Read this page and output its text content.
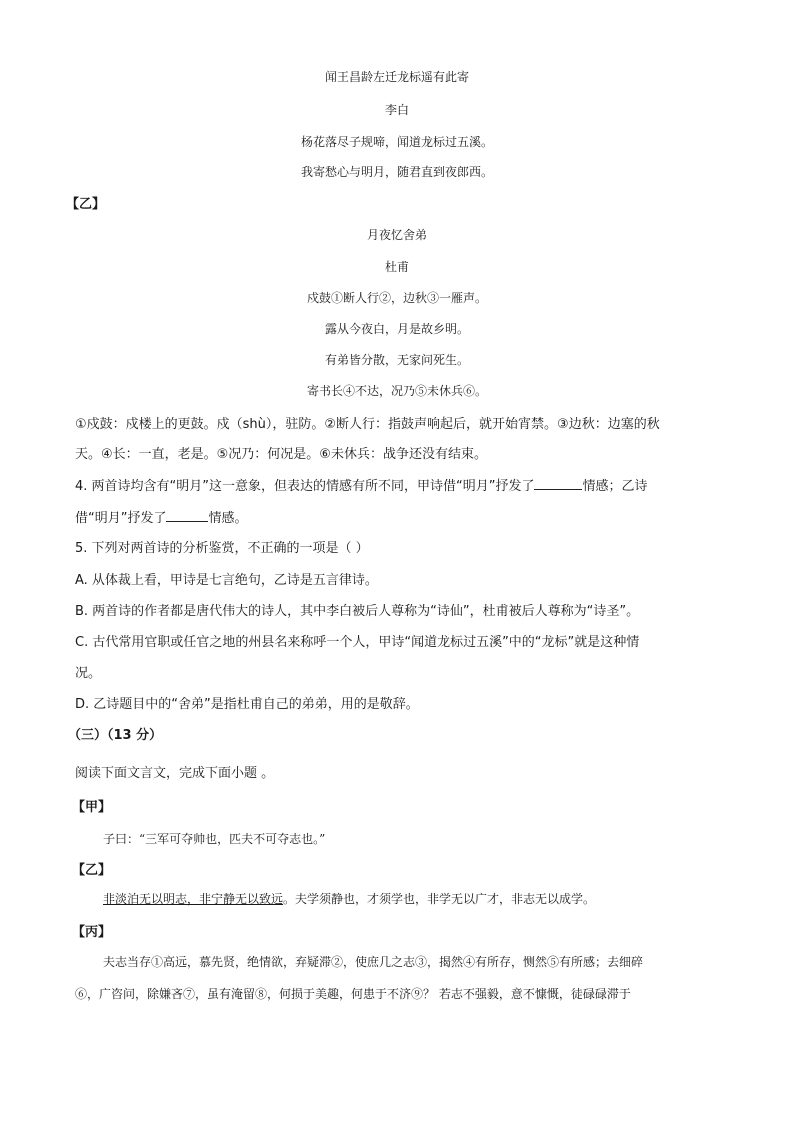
闻王昌龄左迁龙标遥有此寄
李白
杨花落尽子规啼，闻道龙标过五溪。
我寄愁心与明月，随君直到夜郎西。
【乙】
月夜忆舍弟
杜甫
戍鼓①断人行②，边秋③一雁声。
露从今夜白，月是故乡明。
有弟皆分散，无家问死生。
寄书长④不达，况乃⑤未休兵⑥。
①戍鼓：戍楼上的更鼓。戍（shù），驻防。②断人行：指鼓声响起后，就开始宵禁。③边秋：边塞的秋
天。④长：一直，老是。⑤况乃：何况是。⑥未休兵：战争还没有结束。
4. 两首诗均含有“明月”这一意象，但表达的情感有所不同，甲诗借“明月”抒发了	情感；乙诗
借“明月”抒发了	情感。
5. 下列对两首诗的分析鉴赏，不正确的一项是（ ）
A. 从体裁上看，甲诗是七言绝句，乙诗是五言律诗。
B. 两首诗的作者都是唐代伟大的诗人，其中李白被后人尊称为“诗仙”，杜甫被后人尊称为“诗圣”。
C. 古代常用官职或任官之地的州县名来称呼一个人，甲诗“闻道龙标过五溪”中的“龙标”就是这种情
况。
D. 乙诗题目中的“舍弟”是指杜甫自己的弟弟，用的是敬辞。
（三）（13 分）
阅读下面文言文，完成下面小题 。
【甲】
子曰：“三军可夺帅也，匹夫不可夺志也。”
【乙】
非淡泊无以明志，非宁静无以致远。夫学须静也，才须学也，非学无以广才，非志无以成学。
【丙】
夫志当存①高远，慕先贤，绝情欲，弃疑滞②，使庶几之志③，揭然④有所存，恻然⑤有所感；去细碎
⑥，广咨问，除嫌吝⑦，虽有淹留⑧，何损于美趣，何患于不济⑨？ 若志不强毅，意不慷慨，徒碌碌滞于
